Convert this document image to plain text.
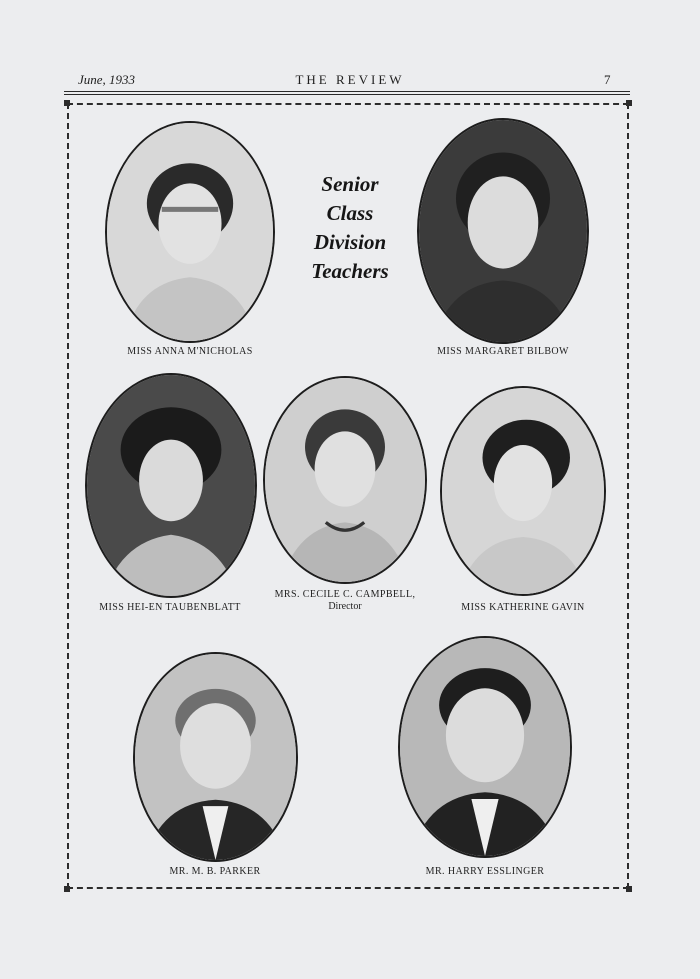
June, 1933	THE REVIEW	7
Senior
Class
Division
Teachers
MISS ANNA M'NICHOLAS	MISS MARGARET BILBOW
MISS HEI-EN TAUBENBLATT
MRS. CECILE C. CAMPBELL,
Director	MISS KATHERINE GAVIN
MR. M. B. PARKER	MR. HARRY ESSLINGER
